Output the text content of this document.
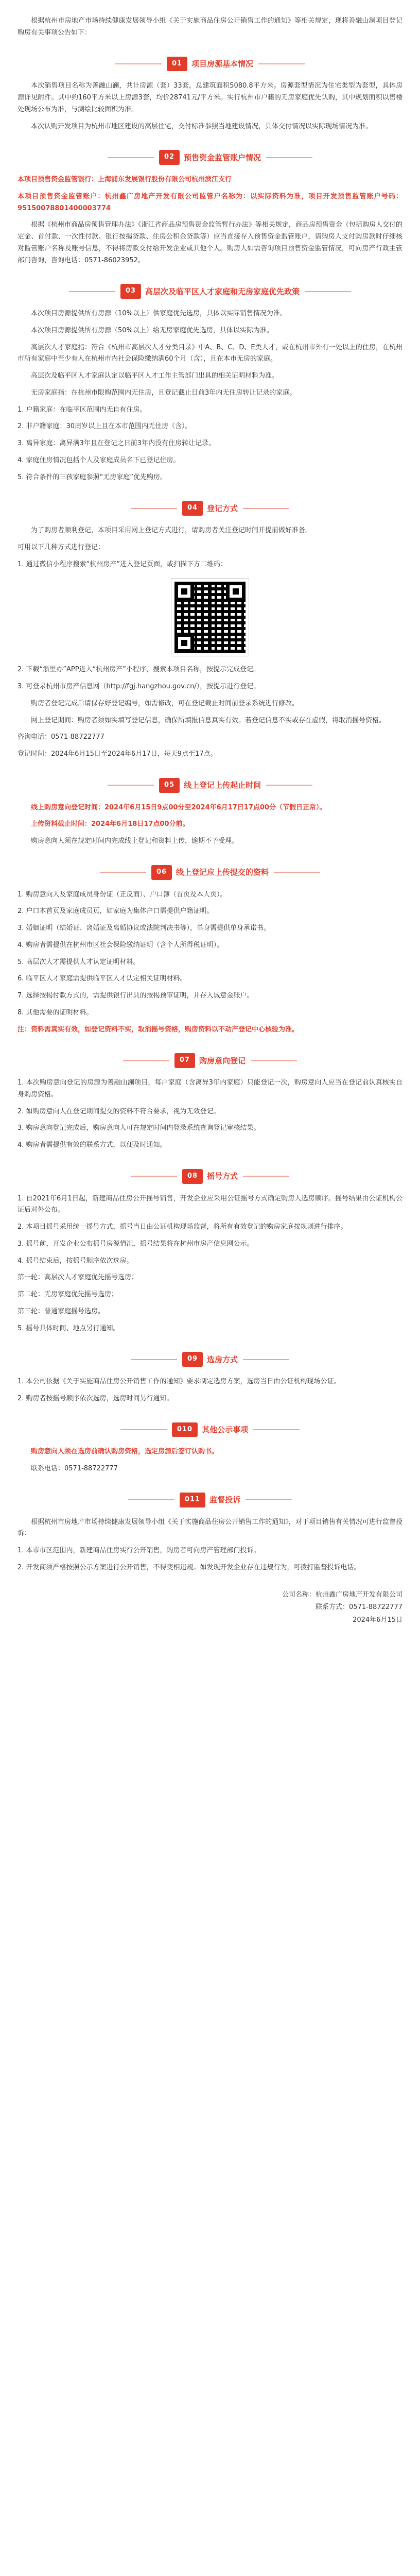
根据杭州市房地产市场持续健康发展领导小组《关于实施商品住房公开销售工作的通知》等相关规定，现将善融山澜项目登记购房有关事项公告如下：

01	项目房源基本情况

本次销售项目名称为善融山澜，共计房源（套）33套，总建筑面积5080.8平方米。房源套型情况为住宅类型为套型，具体房源详见附件。其中约160平方米以上房源3套，均价28741元/平方米。实行杭州市户籍的无房家庭优先认购，其中规划面积以售楼处现场公布为准，与测绘比较面积为准。

本次认购开发项目为杭州市地区建设的高层住宅，交付标准参照当地建设情况，具体交付情况以实际现场情况为准。

02	预售资金监管账户情况

本项目预售资金监管银行：上海浦东发展银行股份有限公司杭州滨江支行

本项目预售资金监管账户：杭州鑫广房地产开发有限公司监管户名称为：以实际资料为准，项目开发预售监管账户号码：95150078801400003774

根据《杭州市商品房预售管理办法》《浙江省商品房预售资金监管暂行办法》等相关规定，商品房预售资金（包括购房人交付的定金、首付款、一次性付款、银行按揭贷款、住房公积金贷款等）应当直接存入预售资金监管账户，请购房人支付购房款时仔细核对监管账户名称及账号信息，不得将房款交付给开发企业或其他个人。购房人如需咨询项目预售资金监管情况，可向房产行政主管部门咨询，咨询电话：0571-86023952。

03	高层次及临平区人才家庭和无房家庭优先政策

本次项目房源提供所有房源（10%以上）供家庭优先选房，具体以实际销售情况为准。

本次项目房源提供所有房源（50%以上）给无房家庭优先选房，具体以实际为准。

高层次人才家庭指：符合《杭州市高层次人才分类目录》中A、B、C、D、E类人才，或在杭州市外有一处以上的住房，在杭州市所有家庭中至少有人在杭州市内社会保险缴纳满60个月（含），且在本市无房的家庭。

高层次及临平区人才家庭认定以临平区人才工作主管部门出具的相关证明材料为准。

无房家庭指：在杭州市限购范围内无住房，且登记截止日前3年内无住房转让记录的家庭。

1. 户籍家庭：在临平区范围内无自有住房。

2. 非户籍家庭：30周岁以上且在本市范围内无住房（含）。

3. 离异家庭：离异满3年且在登记之日前3年内没有住房转让记录。

4. 家庭住房情况包括个人及家庭成员名下已登记住房。

5. 符合条件的三孩家庭参照“无房家庭”优先购房。

04	登记方式

为了购房者顺利登记，本项目采用网上登记方式进行，请购房者关注登记时间并提前做好准备。

可用以下几种方式进行登记：

1. 通过微信小程序搜索“杭州房产”进入登记页面，或扫描下方二维码：

2. 下载“浙里办”APP进入“杭州房产”小程序，搜索本项目名称，按提示完成登记。

3. 可登录杭州市房产信息网（http://fgj.hangzhou.gov.cn/），按提示进行登记。

购房者登记完成后请保存好登记编号，如需修改，可在登记截止时间前登录系统进行修改。

网上登记期间：购房者须如实填写登记信息，确保所填报信息真实有效。若登记信息不实或存在虚假，将取消摇号资格。

咨询电话：0571-88722777

登记时间：2024年6月15日至2024年6月17日，每天9点至17点。

05	线上登记上传起止时间

线上购房意向登记时间：2024年6月15日9点00分至2024年6月17日17点00分（节假日正常）。

上传资料截止时间：2024年6月18日17点00分前。

购房意向人须在规定时间内完成线上登记和资料上传，逾期不予受理。

06	线上登记应上传提交的资料

1. 购房意向人及家庭成员身份证（正反面）、户口簿（首页及本人页）。

2. 户口本首页及家庭成员页，如家庭为集体户口需提供户籍证明。

3. 婚姻证明（结婚证、离婚证及离婚协议或法院判决书等），单身需提供单身承诺书。

4. 购房者需提供在杭州市区社会保险缴纳证明（含个人所得税证明）。

5. 高层次人才需提供人才认定证明材料。

6. 临平区人才家庭需提供临平区人才认定相关证明材料。

7. 选择按揭付款方式的，需提供银行出具的按揭预审证明，并存入诚意金账户。

8. 其他需要的证明材料。

注：资料需真实有效，如登记资料不实，取消摇号资格，购房资料以不动产登记中心核验为准。

07	购房意向登记

1. 本次购房意向登记的房源为善融山澜项目，每户家庭（含离异3年内家庭）只能登记一次，购房意向人应当在登记前认真核实自身购房资格。

2. 如购房意向人在登记期间提交的资料不符合要求，视为无效登记。

3. 购房意向登记完成后，购房意向人可在规定时间内登录系统查询登记审核结果。

4. 购房者需提供有效的联系方式，以便及时通知。

08	摇号方式

1. 自2021年6月1日起，新建商品住房公开摇号销售，开发企业应采用公证摇号方式确定购房人选房顺序。摇号结果由公证机构公证后对外公布。

2. 本项目摇号采用统一摇号方式，摇号当日由公证机构现场监督，将所有有效登记的购房家庭按规则进行排序。

3. 摇号前，开发企业公布摇号房源情况，摇号结果将在杭州市房产信息网公示。

4. 摇号结束后，按摇号顺序依次选房。

第一轮：高层次人才家庭优先摇号选房；

第二轮：无房家庭优先摇号选房；

第三轮：普通家庭摇号选房。

5. 摇号具体时间、地点另行通知。

09	选房方式

1. 本公司依据《关于实施商品住房公开销售工作的通知》要求制定选房方案，选房当日由公证机构现场公证。

2. 购房者按摇号顺序依次选房，选房时间另行通知。

010	其他公示事项

购房意向人须在选房前确认购房资格，选定房源后签订认购书。

联系电话：0571-88722777

011	监督投诉

根据杭州市房地产市场持续健康发展领导小组《关于实施商品住房公开销售工作的通知》，对于项目销售有关情况可进行监督投诉：

1. 本市市区范围内，新建商品住房实行公开销售，购房者可向房产管理部门投诉。

2. 开发商须严格按照公示方案进行公开销售，不得变相违规。如发现开发企业存在违规行为，可拨打监督投诉电话。

公司名称：杭州鑫广房地产开发有限公司
联系方式：0571-88722777
2024年6月15日
